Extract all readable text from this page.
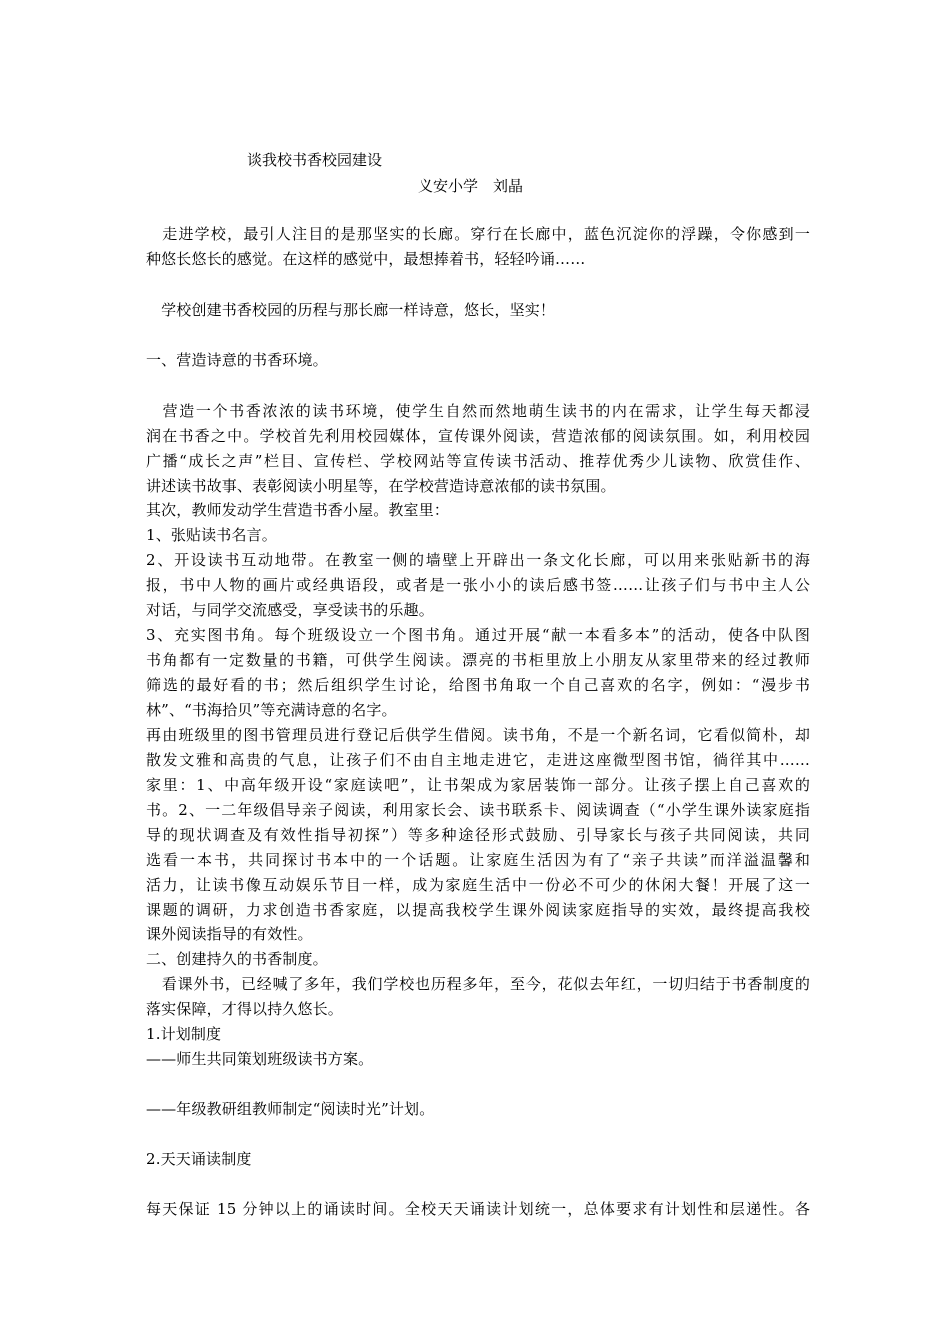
谈我校书香校园建设
义安小学　刘晶
　走进学校，最引人注目的是那坚实的长廊。穿行在长廊中，蓝色沉淀你的浮躁，令你感到一
种悠长悠长的感觉。在这样的感觉中，最想捧着书，轻轻吟诵……
　学校创建书香校园的历程与那长廊一样诗意，悠长，坚实！
一、营造诗意的书香环境。
　营造一个书香浓浓的读书环境，使学生自然而然地萌生读书的内在需求，让学生每天都浸
润在书香之中。学校首先利用校园媒体，宣传课外阅读，营造浓郁的阅读氛围。如，利用校园
广播“成长之声”栏目、宣传栏、学校网站等宣传读书活动、推荐优秀少儿读物、欣赏佳作、
讲述读书故事、表彰阅读小明星等，在学校营造诗意浓郁的读书氛围。
其次，教师发动学生营造书香小屋。教室里：
1、张贴读书名言。
2、开设读书互动地带。在教室一侧的墙壁上开辟出一条文化长廊，可以用来张贴新书的海
报，书中人物的画片或经典语段，或者是一张小小的读后感书签……让孩子们与书中主人公
对话，与同学交流感受，享受读书的乐趣。
3、充实图书角。每个班级设立一个图书角。通过开展“献一本看多本”的活动，使各中队图
书角都有一定数量的书籍，可供学生阅读。漂亮的书柜里放上小朋友从家里带来的经过教师
筛选的最好看的书；然后组织学生讨论，给图书角取一个自己喜欢的名字，例如：“漫步书
林”、“书海拾贝”等充满诗意的名字。
再由班级里的图书管理员进行登记后供学生借阅。读书角，不是一个新名词，它看似简朴，却
散发文雅和高贵的气息，让孩子们不由自主地走进它，走进这座微型图书馆，徜徉其中……
家里：1、中高年级开设“家庭读吧”，让书架成为家居装饰一部分。让孩子摆上自己喜欢的
书。2、一二年级倡导亲子阅读，利用家长会、读书联系卡、阅读调查（“小学生课外读家庭指
导的现状调查及有效性指导初探”）等多种途径形式鼓励、引导家长与孩子共同阅读，共同
选看一本书，共同探讨书本中的一个话题。让家庭生活因为有了“亲子共读”而洋溢温馨和
活力，让读书像互动娱乐节目一样，成为家庭生活中一份必不可少的休闲大餐！开展了这一
课题的调研，力求创造书香家庭，以提高我校学生课外阅读家庭指导的实效，最终提高我校
课外阅读指导的有效性。
二、创建持久的书香制度。
　看课外书，已经喊了多年，我们学校也历程多年，至今，花似去年红，一切归结于书香制度的
落实保障，才得以持久悠长。
1.计划制度
——师生共同策划班级读书方案。
——年级教研组教师制定“阅读时光”计划。
2.天天诵读制度
每天保证 15 分钟以上的诵读时间。全校天天诵读计划统一，总体要求有计划性和层递性。各
